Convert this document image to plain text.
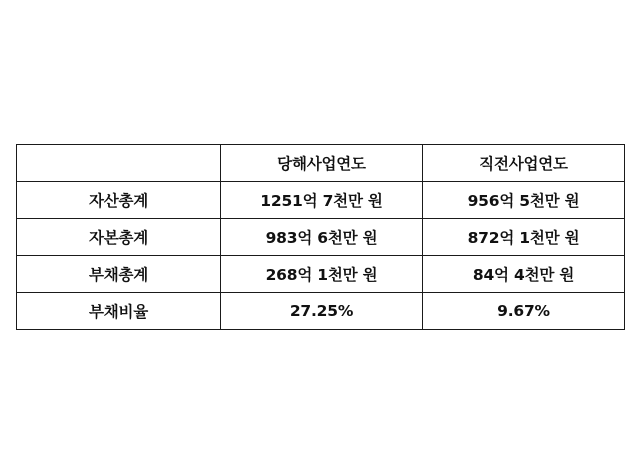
	당해사업연도	직전사업연도
자산총계	1251억 7천만 원	956억 5천만 원
자본총계	983억 6천만 원	872억 1천만 원
부채총계	268억 1천만 원	84억 4천만 원
부채비율	27.25%	9.67%
